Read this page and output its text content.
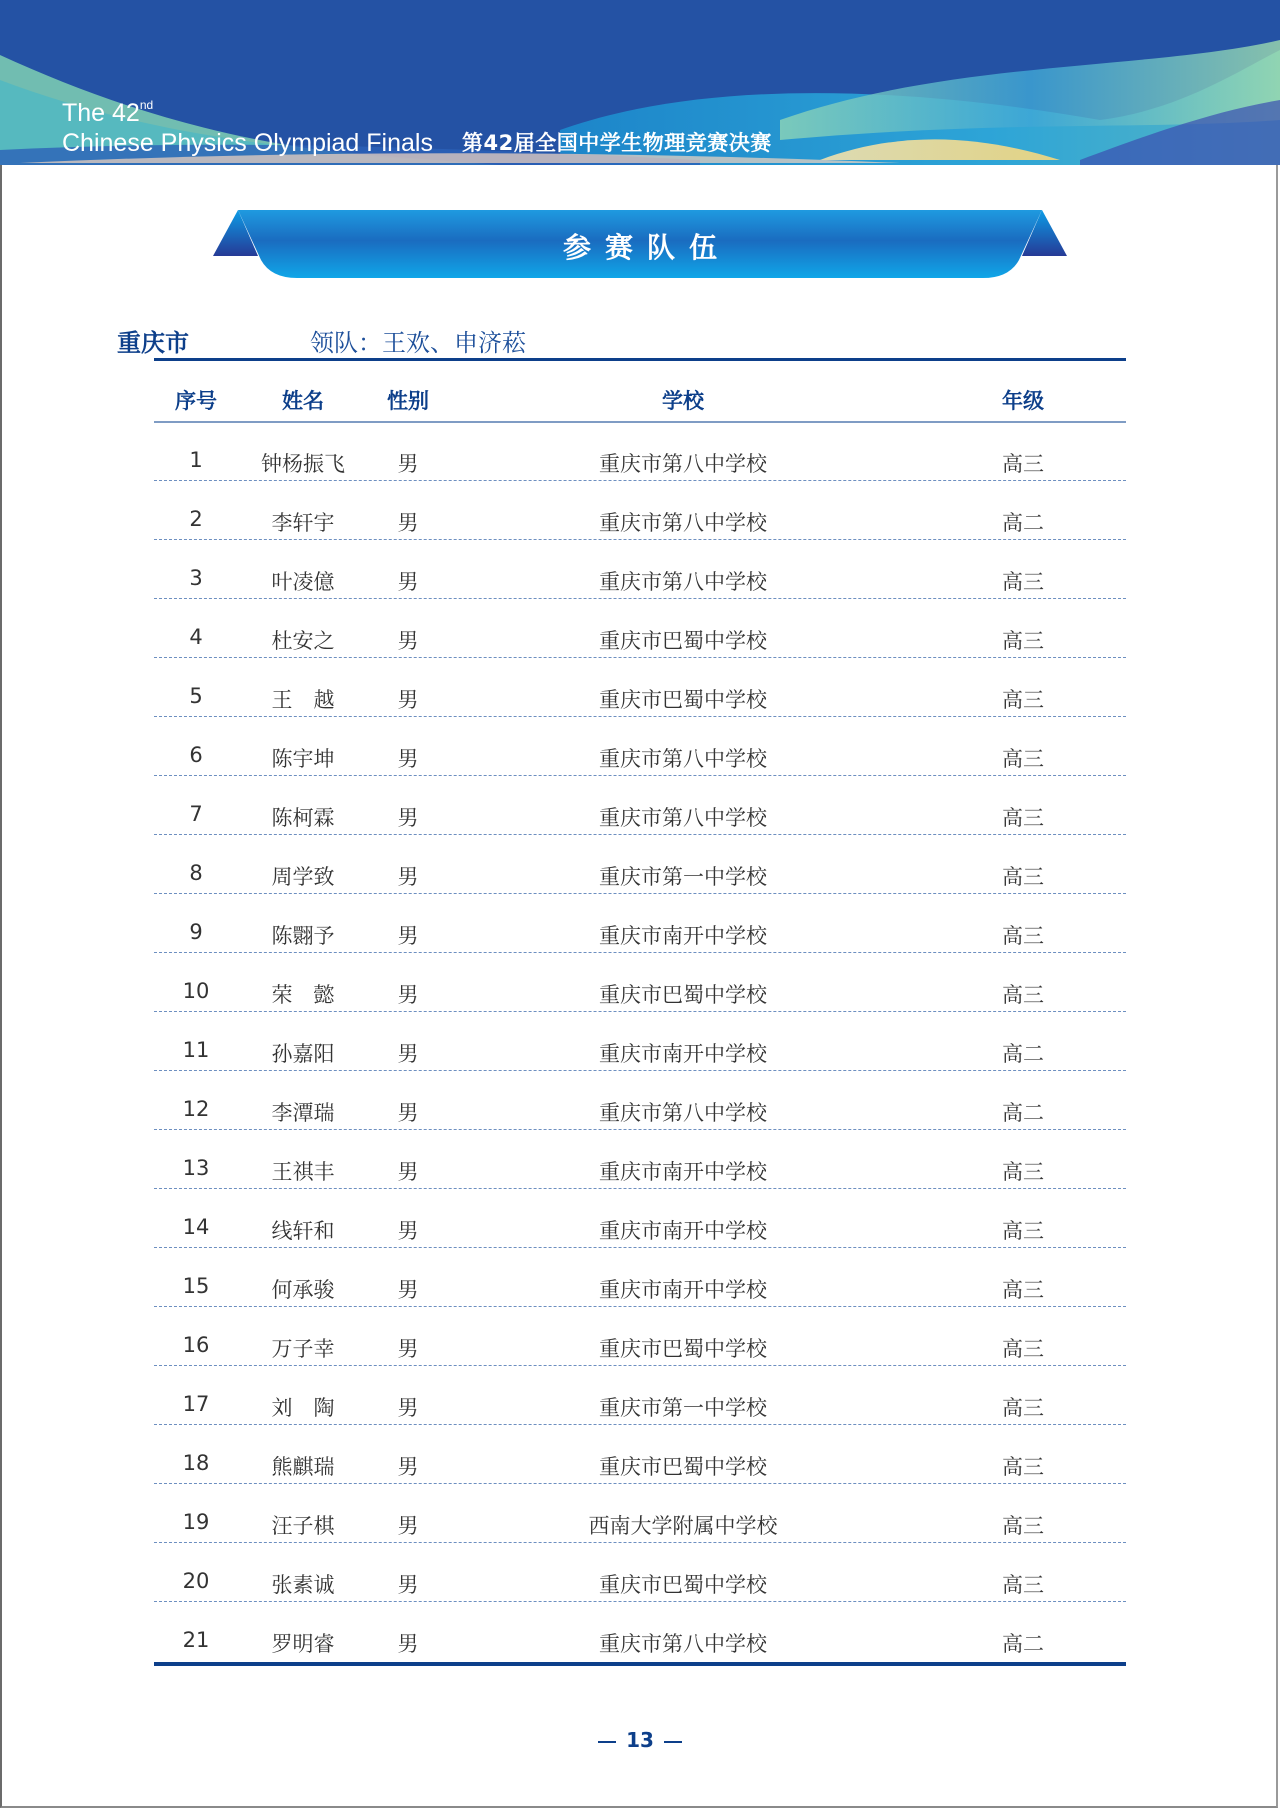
The 42nd
Chinese Physics Olympiad Finals 第42届全国中学生物理竞赛决赛
参赛队伍
重庆市	领队：王欢、申济菘
序号	姓名	性别	学校	年级
1	钟杨振飞	男	重庆市第八中学校	高三
2	李轩宇	男	重庆市第八中学校	高二
3	叶凌億	男	重庆市第八中学校	高三
4	杜安之	男	重庆市巴蜀中学校	高三
5	王　越	男	重庆市巴蜀中学校	高三
6	陈宇坤	男	重庆市第八中学校	高三
7	陈柯霖	男	重庆市第八中学校	高三
8	周学致	男	重庆市第一中学校	高三
9	陈翾予	男	重庆市南开中学校	高三
10	荣　懿	男	重庆市巴蜀中学校	高三
11	孙嘉阳	男	重庆市南开中学校	高二
12	李潭瑞	男	重庆市第八中学校	高二
13	王祺丰	男	重庆市南开中学校	高三
14	线轩和	男	重庆市南开中学校	高三
15	何承骏	男	重庆市南开中学校	高三
16	万子幸	男	重庆市巴蜀中学校	高三
17	刘　陶	男	重庆市第一中学校	高三
18	熊麒瑞	男	重庆市巴蜀中学校	高三
19	汪子棋	男	西南大学附属中学校	高三
20	张素诚	男	重庆市巴蜀中学校	高三
21	罗明睿	男	重庆市第八中学校	高二
13
